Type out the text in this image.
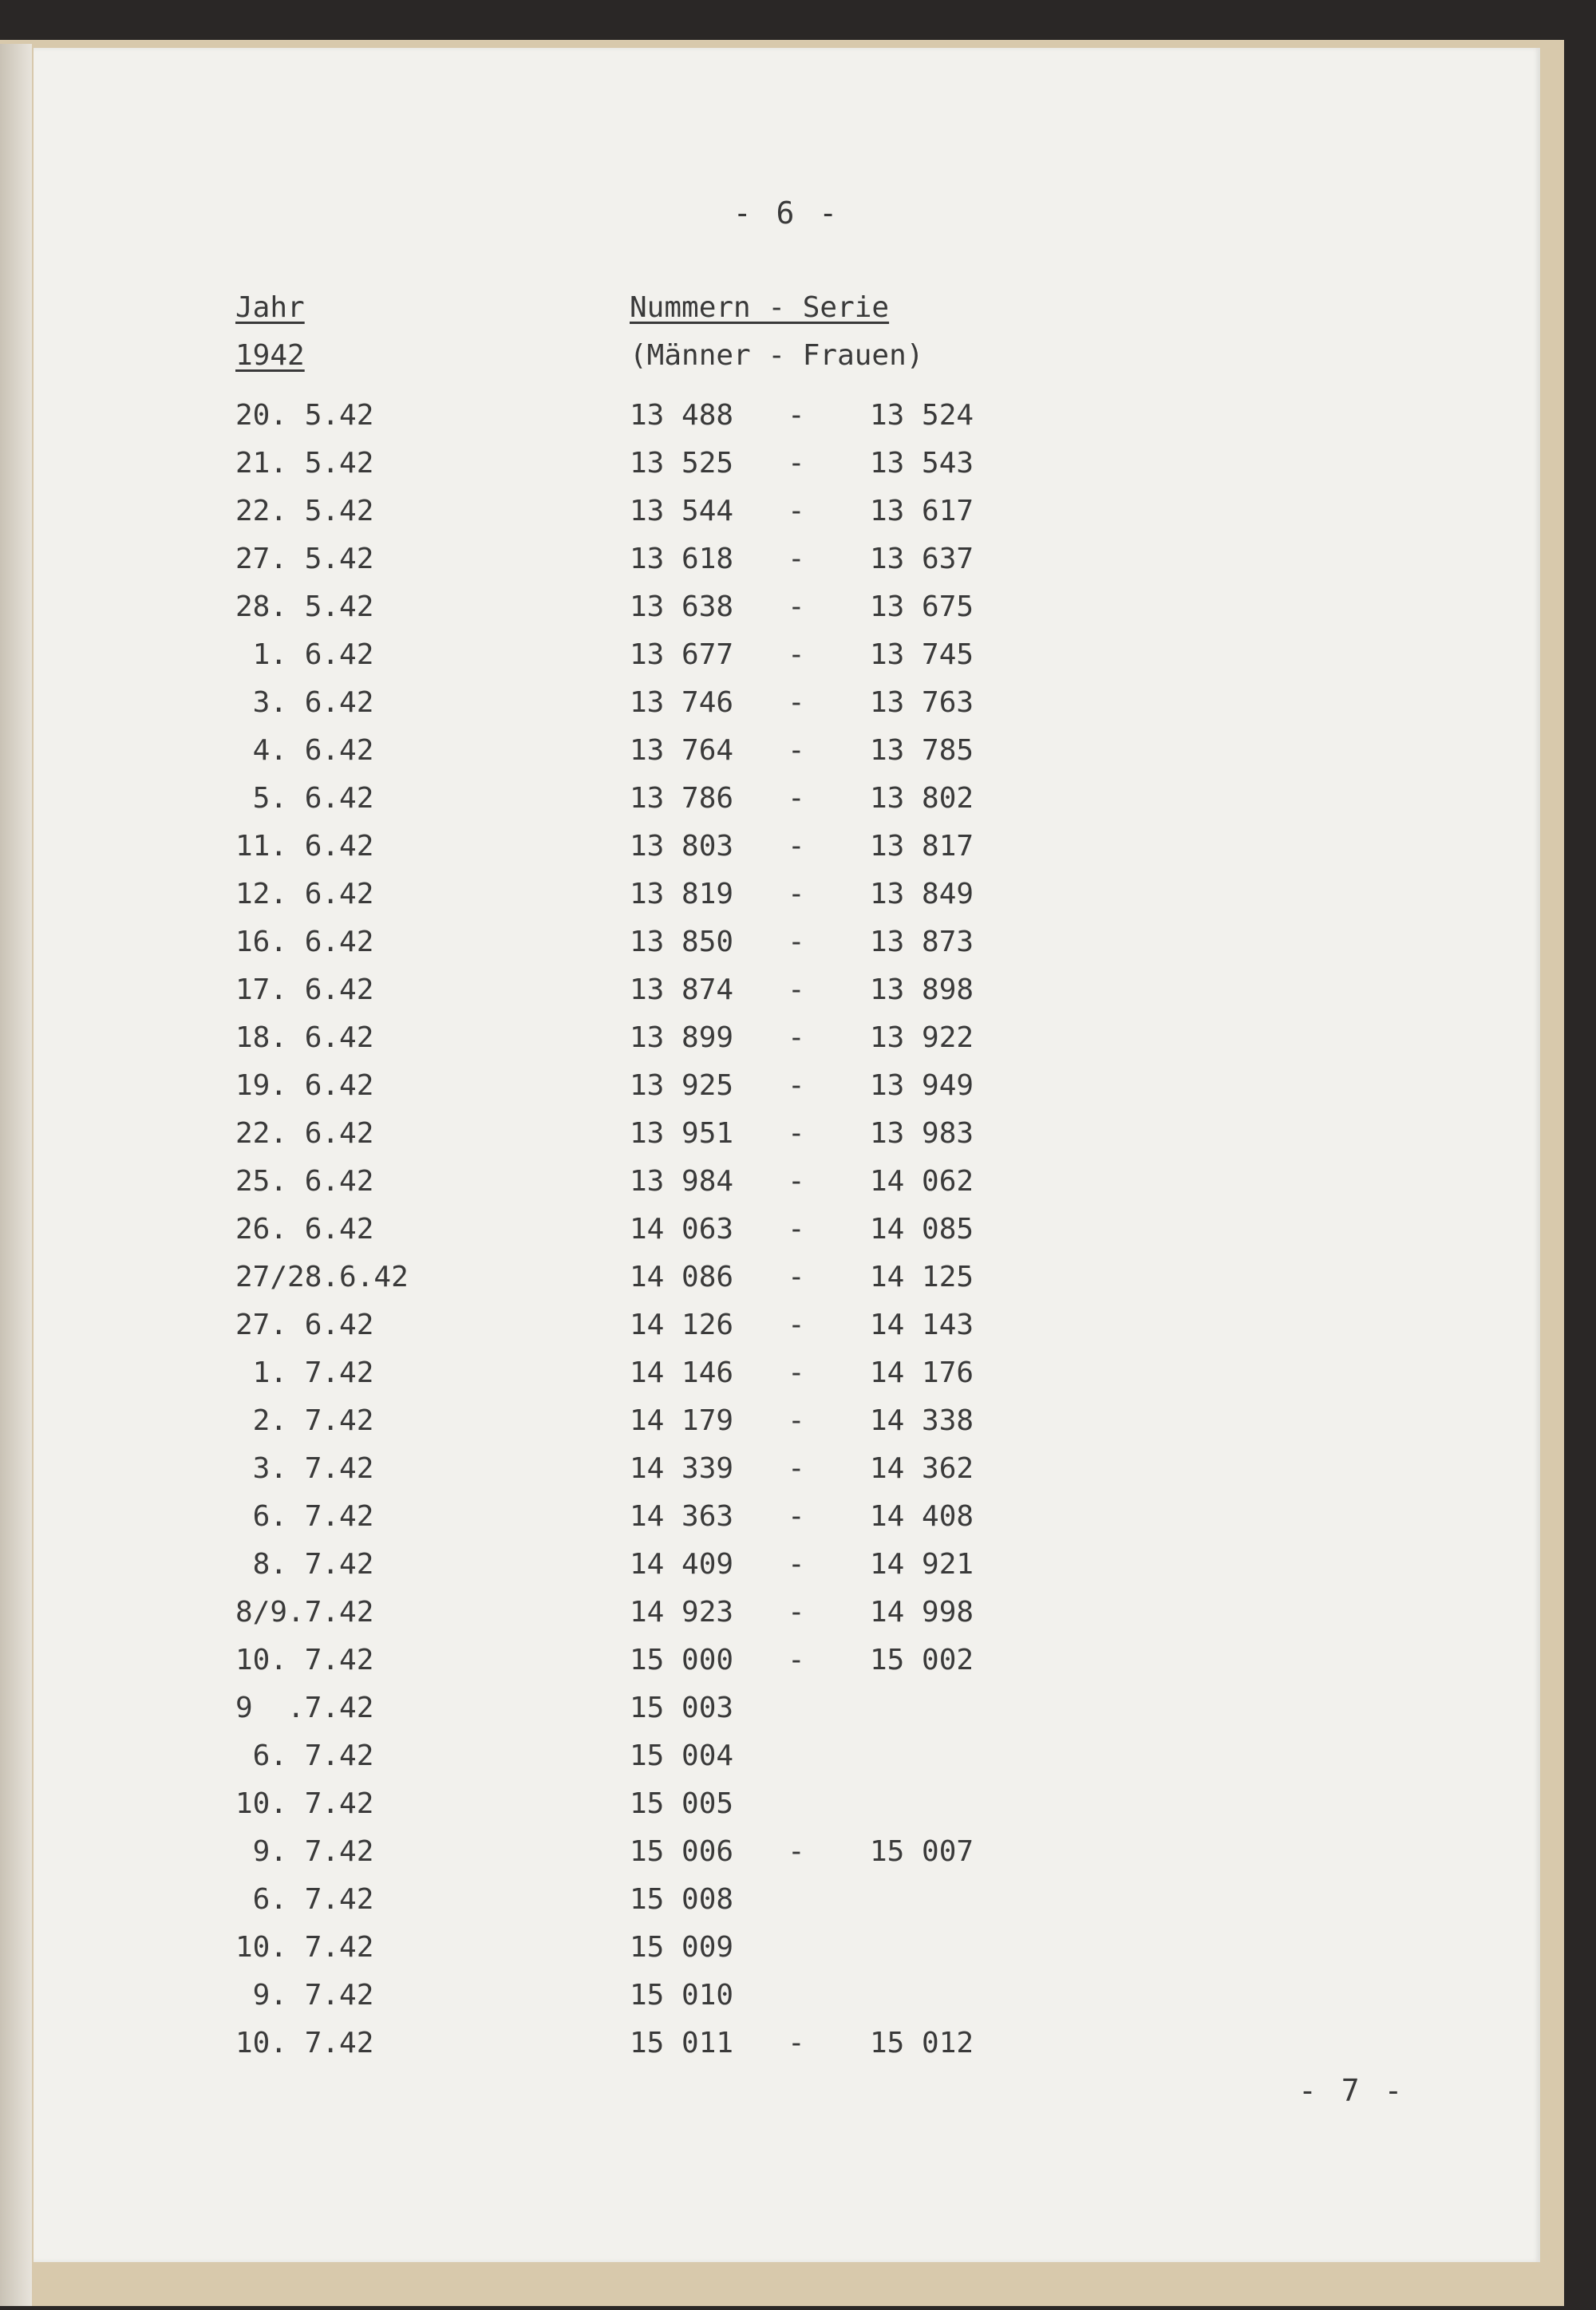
- 6 -
Jahr	Nummern - Serie
1942	(Männer - Frauen)
20. 5.42	13 488 - 13 524
21. 5.42	13 525 - 13 543
22. 5.42	13 544 - 13 617
27. 5.42	13 618 - 13 637
28. 5.42	13 638 - 13 675
1. 6.42	13 677 - 13 745
3. 6.42	13 746 - 13 763
4. 6.42	13 764 - 13 785
5. 6.42	13 786 - 13 802
11. 6.42	13 803 - 13 817
12. 6.42	13 819 - 13 849
16. 6.42	13 850 - 13 873
17. 6.42	13 874 - 13 898
18. 6.42	13 899 - 13 922
19. 6.42	13 925 - 13 949
22. 6.42	13 951 - 13 983
25. 6.42	13 984 - 14 062
26. 6.42	14 063 - 14 085
27/28.6.42	14 086 - 14 125
27. 6.42	14 126 - 14 143
1. 7.42	14 146 - 14 176
2. 7.42	14 179 - 14 338
3. 7.42	14 339 - 14 362
6. 7.42	14 363 - 14 408
8. 7.42	14 409 - 14 921
8/9.7.42	14 923 - 14 998
10. 7.42	15 000 - 15 002
9  .7.42	15 003
6. 7.42	15 004
10. 7.42	15 005
9. 7.42	15 006 - 15 007
6. 7.42	15 008
10. 7.42	15 009
9. 7.42	15 010
10. 7.42	15 011 - 15 012
- 7 -
